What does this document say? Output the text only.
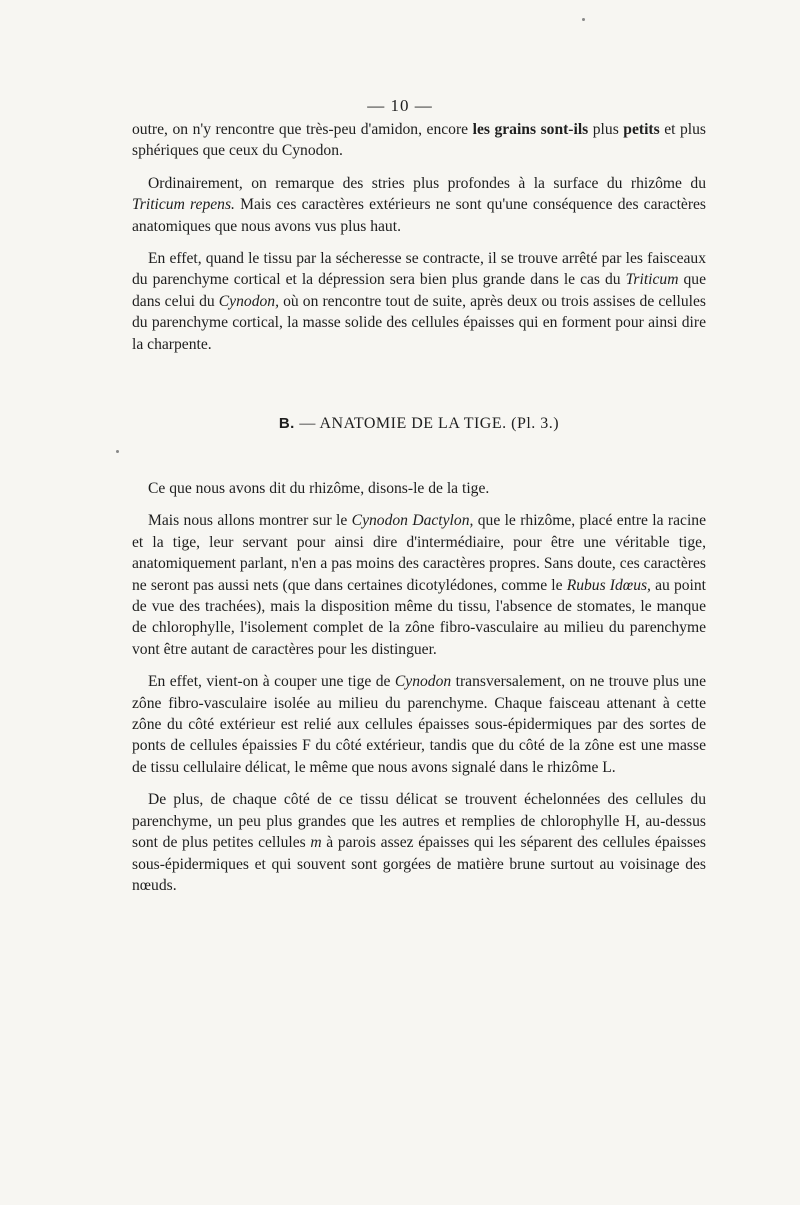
— 10 —

outre, on n'y rencontre que très-peu d'amidon, encore les grains sont-ils plus petits et plus sphériques que ceux du Cynodon.

Ordinairement, on remarque des stries plus profondes à la surface du rhizôme du Triticum repens. Mais ces caractères extérieurs ne sont qu'une conséquence des caractères anatomiques que nous avons vus plus haut.

En effet, quand le tissu par la sécheresse se contracte, il se trouve arrêté par les faisceaux du parenchyme cortical et la dépression sera bien plus grande dans le cas du Triticum que dans celui du Cynodon, où on rencontre tout de suite, après deux ou trois assises de cellules du parenchyme cortical, la masse solide des cellules épaisses qui en forment pour ainsi dire la charpente.

B. — ANATOMIE DE LA TIGE. (Pl. 3.)

Ce que nous avons dit du rhizôme, disons-le de la tige.

Mais nous allons montrer sur le Cynodon Dactylon, que le rhizôme, placé entre la racine et la tige, leur servant pour ainsi dire d'intermédiaire, pour être une véritable tige, anatomiquement parlant, n'en a pas moins des caractères propres. Sans doute, ces caractères ne seront pas aussi nets (que dans certaines dicotylédones, comme le Rubus Idœus, au point de vue des trachées), mais la disposition même du tissu, l'absence de stomates, le manque de chlorophylle, l'isolement complet de la zône fibro-vasculaire au milieu du parenchyme vont être autant de caractères pour les distinguer.

En effet, vient-on à couper une tige de Cynodon transversalement, on ne trouve plus une zône fibro-vasculaire isolée au milieu du parenchyme. Chaque faisceau attenant à cette zône du côté extérieur est relié aux cellules épaisses sous-épidermiques par des sortes de ponts de cellules épaissies F du côté extérieur, tandis que du côté de la zône est une masse de tissu cellulaire délicat, le même que nous avons signalé dans le rhizôme L.

De plus, de chaque côté de ce tissu délicat se trouvent échelonnées des cellules du parenchyme, un peu plus grandes que les autres et remplies de chlorophylle H, au-dessus sont de plus petites cellules m à parois assez épaisses qui les séparent des cellules épaisses sous-épidermiques et qui souvent sont gorgées de matière brune surtout au voisinage des nœuds.
